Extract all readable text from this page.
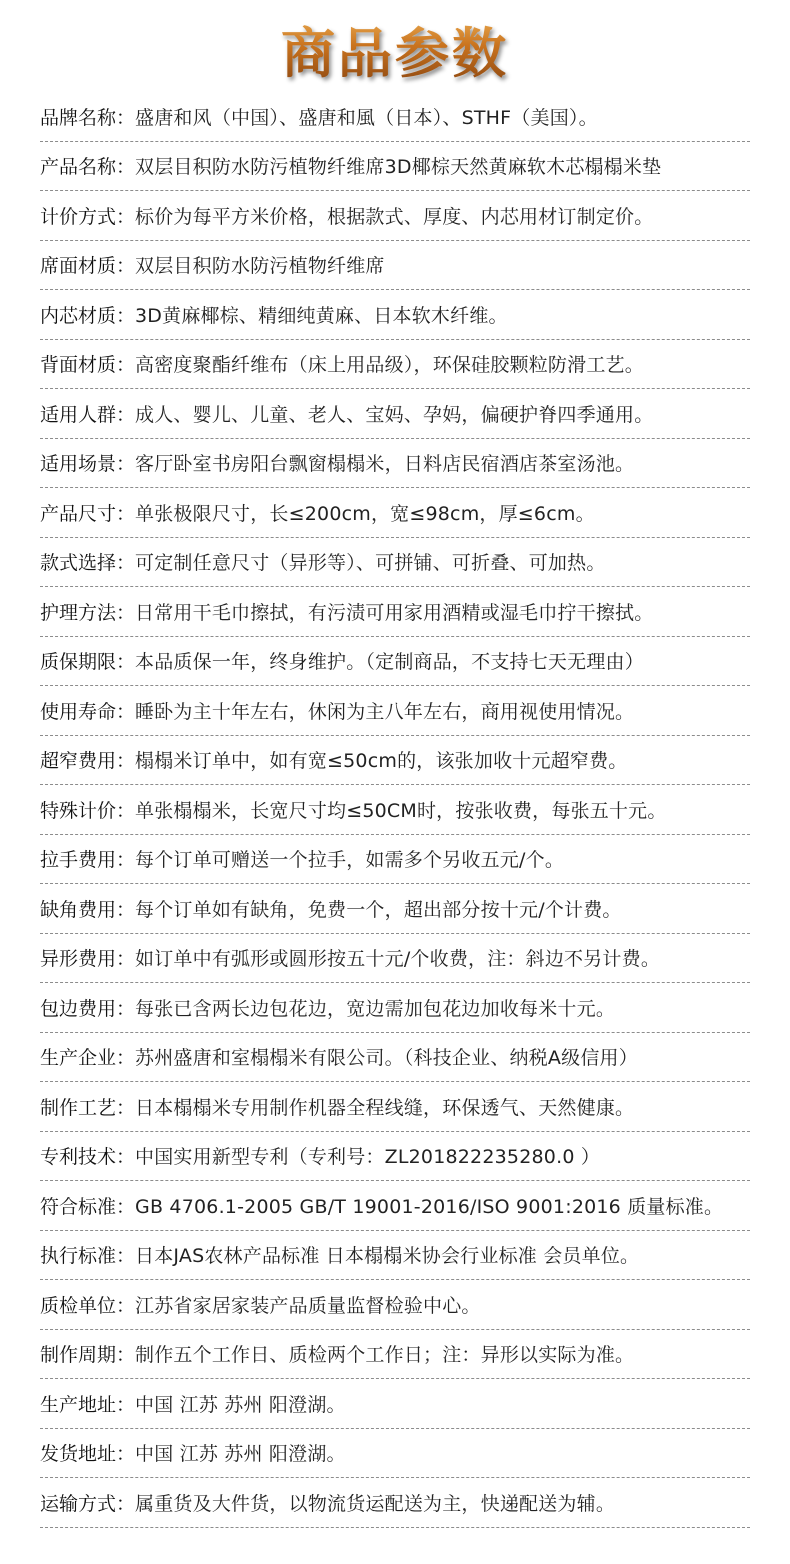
商品参数
品牌名称： 盛唐和风（中国）、盛唐和風（日本）、STHF（美国）。
产品名称： 双层目积防水防污植物纤维席3D椰棕天然黄麻软木芯榻榻米垫
计价方式： 标价为每平方米价格，根据款式、厚度、内芯用材订制定价。
席面材质： 双层目积防水防污植物纤维席
内芯材质： 3D黄麻椰棕、精细纯黄麻、日本软木纤维。
背面材质： 高密度聚酯纤维布（床上用品级），环保硅胶颗粒防滑工艺。
适用人群： 成人、婴儿、儿童、老人、宝妈、孕妈，偏硬护脊四季通用。
适用场景： 客厅卧室书房阳台飘窗榻榻米，日料店民宿酒店茶室汤池。
产品尺寸： 单张极限尺寸，长≤200cm，宽≤98cm，厚≤6cm。
款式选择： 可定制任意尺寸（异形等）、可拼铺、可折叠、可加热。
护理方法： 日常用干毛巾擦拭，有污渍可用家用酒精或湿毛巾拧干擦拭。
质保期限： 本品质保一年，终身维护。（定制商品，不支持七天无理由）
使用寿命： 睡卧为主十年左右，休闲为主八年左右，商用视使用情况。
超窄费用： 榻榻米订单中，如有宽≤50cm的，该张加收十元超窄费。
特殊计价： 单张榻榻米，长宽尺寸均≤50CM时，按张收费，每张五十元。
拉手费用： 每个订单可赠送一个拉手，如需多个另收五元/个。
缺角费用： 每个订单如有缺角，免费一个，超出部分按十元/个计费。
异形费用： 如订单中有弧形或圆形按五十元/个收费，注：斜边不另计费。
包边费用： 每张已含两长边包花边，宽边需加包花边加收每米十元。
生产企业： 苏州盛唐和室榻榻米有限公司。（科技企业、纳税A级信用）
制作工艺： 日本榻榻米专用制作机器全程线缝，环保透气、天然健康。
专利技术： 中国实用新型专利（专利号：ZL201822235280.0 ）
符合标准： GB 4706.1-2005 GB/T 19001-2016/ISO 9001:2016 质量标准。
执行标准： 日本JAS农林产品标准 日本榻榻米协会行业标准 会员单位。
质检单位： 江苏省家居家装产品质量监督检验中心。
制作周期： 制作五个工作日、质检两个工作日；注：异形以实际为准。
生产地址： 中国 江苏 苏州 阳澄湖。
发货地址： 中国 江苏 苏州 阳澄湖。
运输方式： 属重货及大件货，以物流货运配送为主，快递配送为辅。
